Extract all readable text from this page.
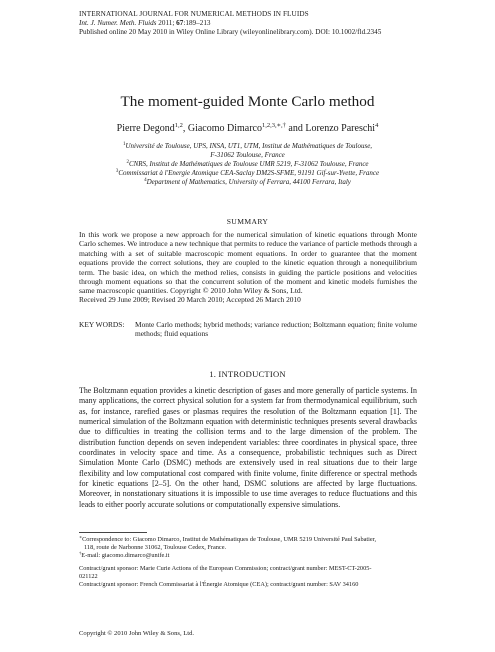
INTERNATIONAL JOURNAL FOR NUMERICAL METHODS IN FLUIDS
Int. J. Numer. Meth. Fluids 2011; 67:189–213
Published online 20 May 2010 in Wiley Online Library (wileyonlinelibrary.com). DOI: 10.1002/fld.2345
The moment-guided Monte Carlo method
Pierre Degond$^{1,2}$, Giacomo Dimarco$^{1,2,3,∗,\dagger}$ and Lorenzo Pareschi$^4$
$^1$Université de Toulouse, UPS, INSA, UT1, UTM, Institut de Mathématiques de Toulouse,
F-31062 Toulouse, France
$^2$CNRS, Institut de Mathématiques de Toulouse UMR 5219, F-31062 Toulouse, France
$^3$Commissariat à l'Energie Atomique CEA-Saclay DM2S-SFME, 91191 Gif-sur-Yvette, France
$^4$Department of Mathematics, University of Ferrara, 44100 Ferrara, Italy
SUMMARY
In this work we propose a new approach for the numerical simulation of kinetic equations through Monte Carlo schemes. We introduce a new technique that permits to reduce the variance of particle methods through a matching with a set of suitable macroscopic moment equations. In order to guarantee that the moment equations provide the correct solutions, they are coupled to the kinetic equation through a nonequilibrium term. The basic idea, on which the method relies, consists in guiding the particle positions and velocities through moment equations so that the concurrent solution of the moment and kinetic models furnishes the same macroscopic quantities. Copyright © 2010 John Wiley & Sons, Ltd.
Received 29 June 2009; Revised 20 March 2010; Accepted 26 March 2010
KEY WORDS:	Monte Carlo methods; hybrid methods; variance reduction; Boltzmann equation; finite volume methods; fluid equations
1. INTRODUCTION
The Boltzmann equation provides a kinetic description of gases and more generally of particle systems. In many applications, the correct physical solution for a system far from thermodynamical equilibrium, such as, for instance, rarefied gases or plasmas requires the resolution of the Boltzmann equation [1]. The numerical simulation of the Boltzmann equation with deterministic techniques presents several drawbacks due to difficulties in treating the collision terms and to the large dimension of the problem. The distribution function depends on seven independent variables: three coordinates in physical space, three coordinates in velocity space and time. As a consequence, probabilistic techniques such as Direct Simulation Monte Carlo (DSMC) methods are extensively used in real situations due to their large flexibility and low computational cost compared with finite volume, finite difference or spectral methods for kinetic equations [2–5]. On the other hand, DSMC solutions are affected by large fluctuations. Moreover, in nonstationary situations it is impossible to use time averages to reduce fluctuations and this leads to either poorly accurate solutions or computationally expensive simulations.
∗Correspondence to: Giacomo Dimarco, Institut de Mathématiques de Toulouse, UMR 5219 Université Paul Sabatier,
118, route de Narbonne 31062, Toulouse Cedex, France.
†E-mail: giacomo.dimarco@unife.it
Contract/grant sponsor: Marie Curie Actions of the European Commission; contract/grant number: MEST-CT-2005-
021122
Contract/grant sponsor: French Commissariat à l'Énergie Atomique (CEA); contract/grant number: SAV 34160
Copyright © 2010 John Wiley & Sons, Ltd.
